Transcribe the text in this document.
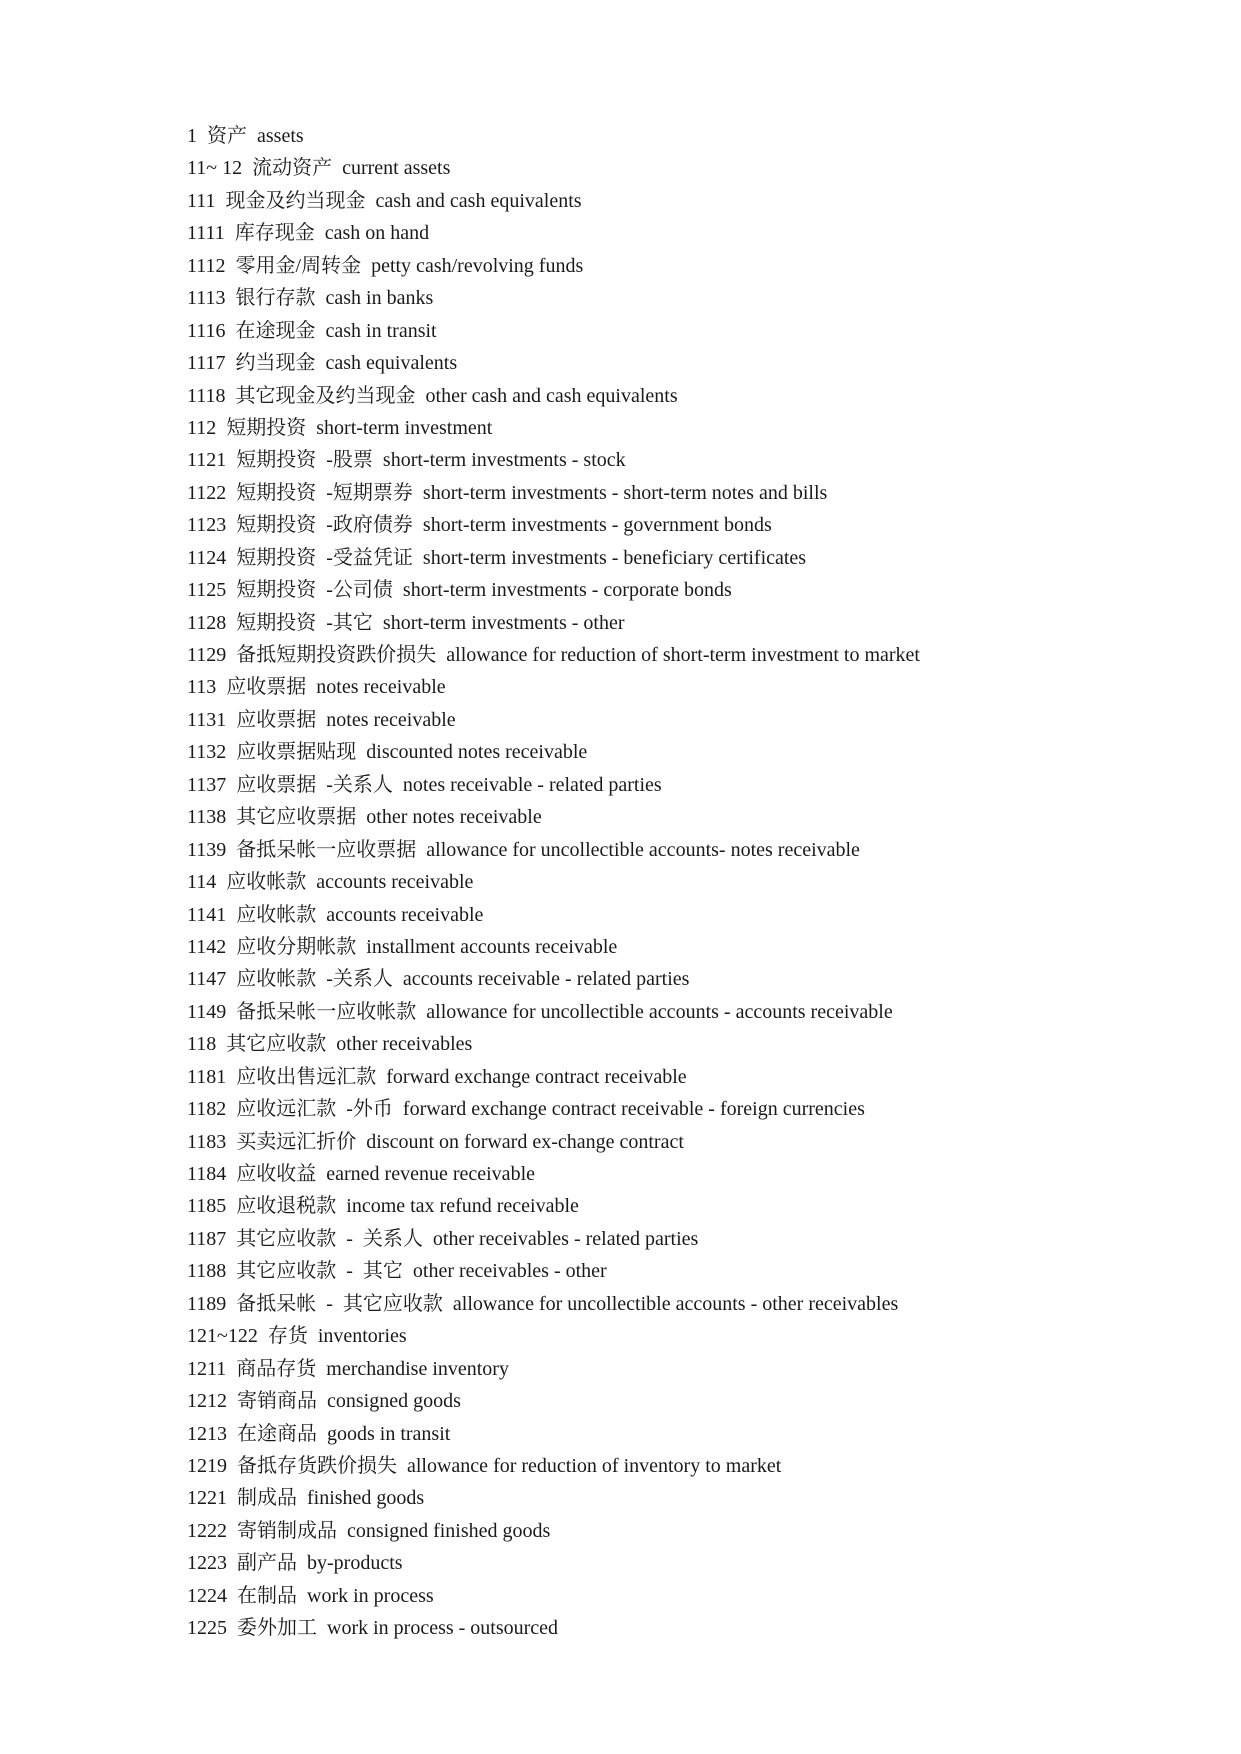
1  资产  assets
11~ 12  流动资产  current assets
111  现金及约当现金  cash and cash equivalents
1111  库存现金  cash on hand
1112  零用金/周转金  petty cash/revolving funds
1113  银行存款  cash in banks
1116  在途现金  cash in transit
1117  约当现金  cash equivalents
1118  其它现金及约当现金  other cash and cash equivalents
112  短期投资  short-term investment
1121  短期投资  -股票  short-term investments - stock
1122  短期投资  -短期票券  short-term investments - short-term notes and bills
1123  短期投资  -政府债券  short-term investments - government bonds
1124  短期投资  -受益凭证  short-term investments - beneficiary certificates
1125  短期投资  -公司债  short-term investments - corporate bonds
1128  短期投资  -其它  short-term investments - other
1129  备抵短期投资跌价损失  allowance for reduction of short-term investment to market
113  应收票据  notes receivable
1131  应收票据  notes receivable
1132  应收票据贴现  discounted notes receivable
1137  应收票据  -关系人  notes receivable - related parties
1138  其它应收票据  other notes receivable
1139  备抵呆帐一应收票据  allowance for uncollectible accounts- notes receivable
114  应收帐款  accounts receivable
1141  应收帐款  accounts receivable
1142  应收分期帐款  installment accounts receivable
1147  应收帐款  -关系人  accounts receivable - related parties
1149  备抵呆帐一应收帐款  allowance for uncollectible accounts - accounts receivable
118  其它应收款  other receivables
1181  应收出售远汇款  forward exchange contract receivable
1182  应收远汇款  -外币  forward exchange contract receivable - foreign currencies
1183  买卖远汇折价  discount on forward ex-change contract
1184  应收收益  earned revenue receivable
1185  应收退税款  income tax refund receivable
1187  其它应收款  -  关系人  other receivables - related parties
1188  其它应收款  -  其它  other receivables - other
1189  备抵呆帐  -  其它应收款  allowance for uncollectible accounts - other receivables
121~122  存货  inventories
1211  商品存货  merchandise inventory
1212  寄销商品  consigned goods
1213  在途商品  goods in transit
1219  备抵存货跌价损失  allowance for reduction of inventory to market
1221  制成品  finished goods
1222  寄销制成品  consigned finished goods
1223  副产品  by-products
1224  在制品  work in process
1225  委外加工  work in process - outsourced
